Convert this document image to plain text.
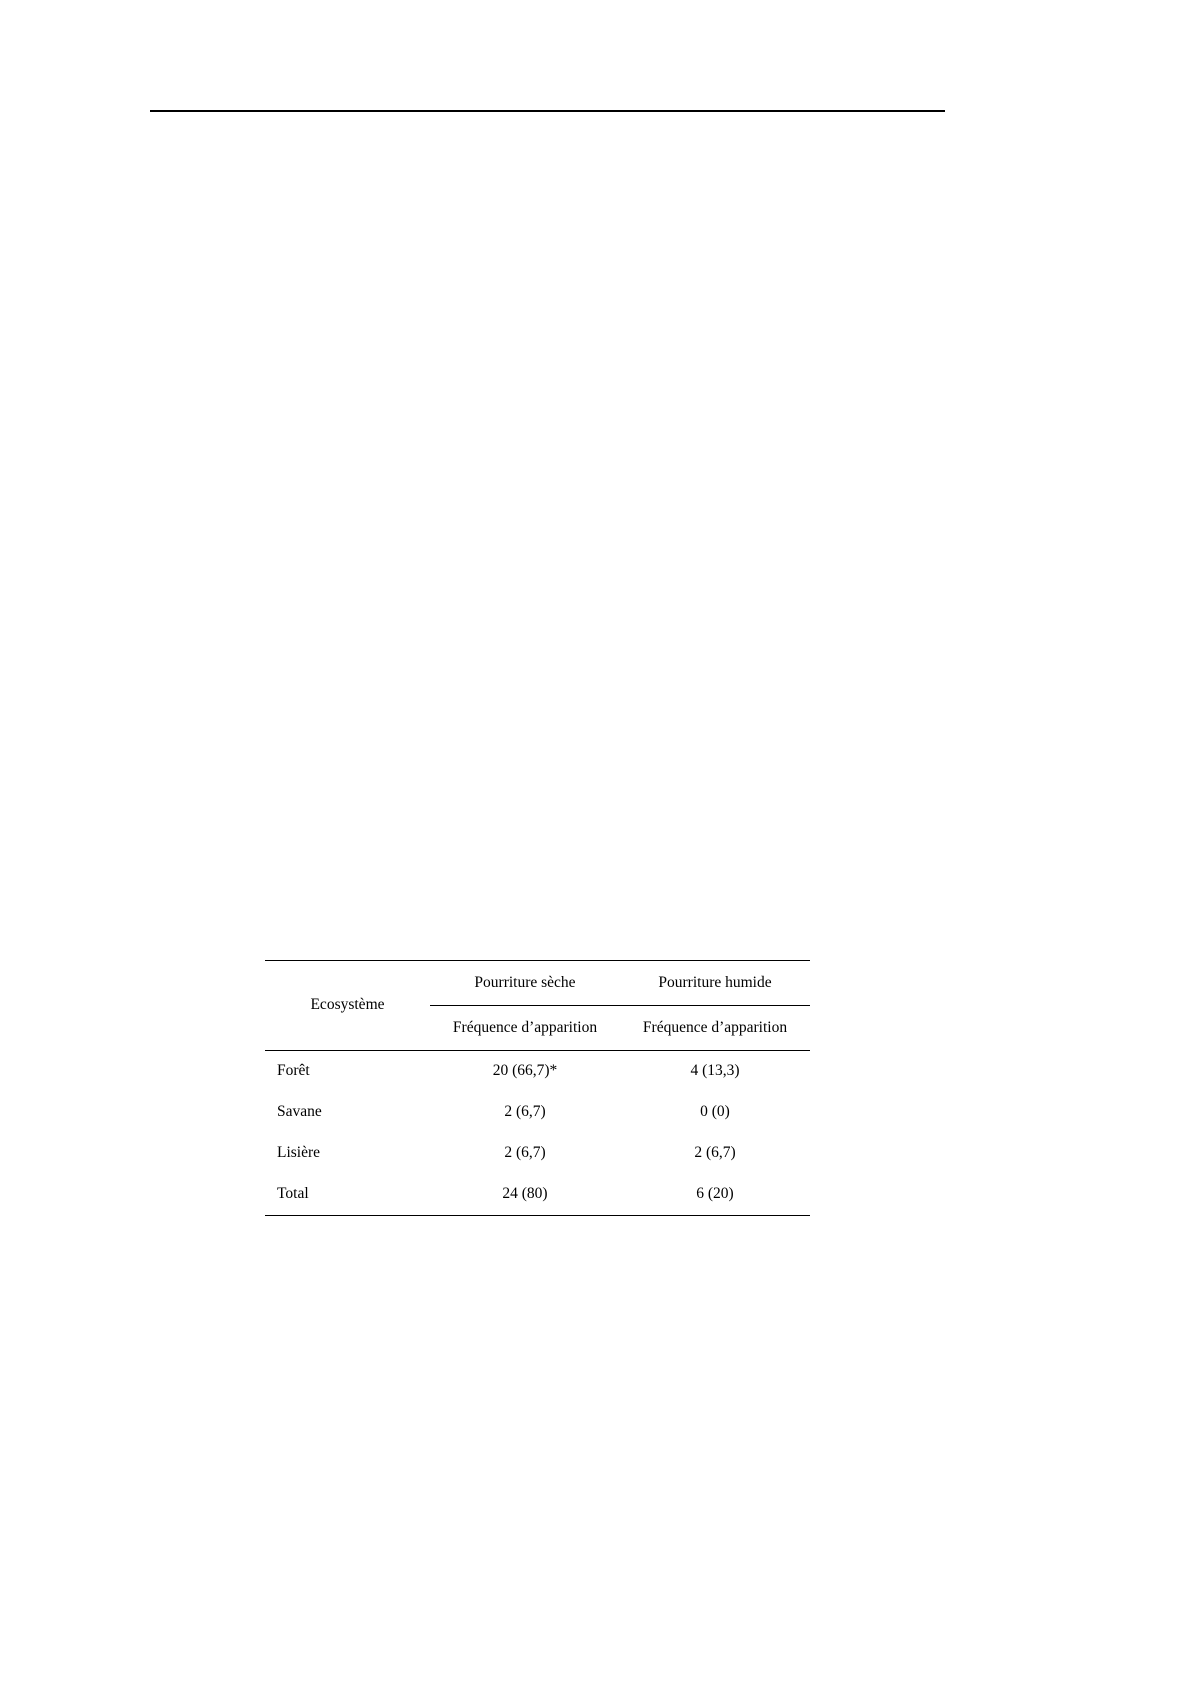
Ecosystème	Pourriture sèche	Pourriture humide
	Fréquence d’apparition	Fréquence d’apparition
Forêt	20 (66,7)*	4 (13,3)
Savane	2 (6,7)	0 (0)
Lisière	2 (6,7)	2 (6,7)
Total	24 (80)	6 (20)
